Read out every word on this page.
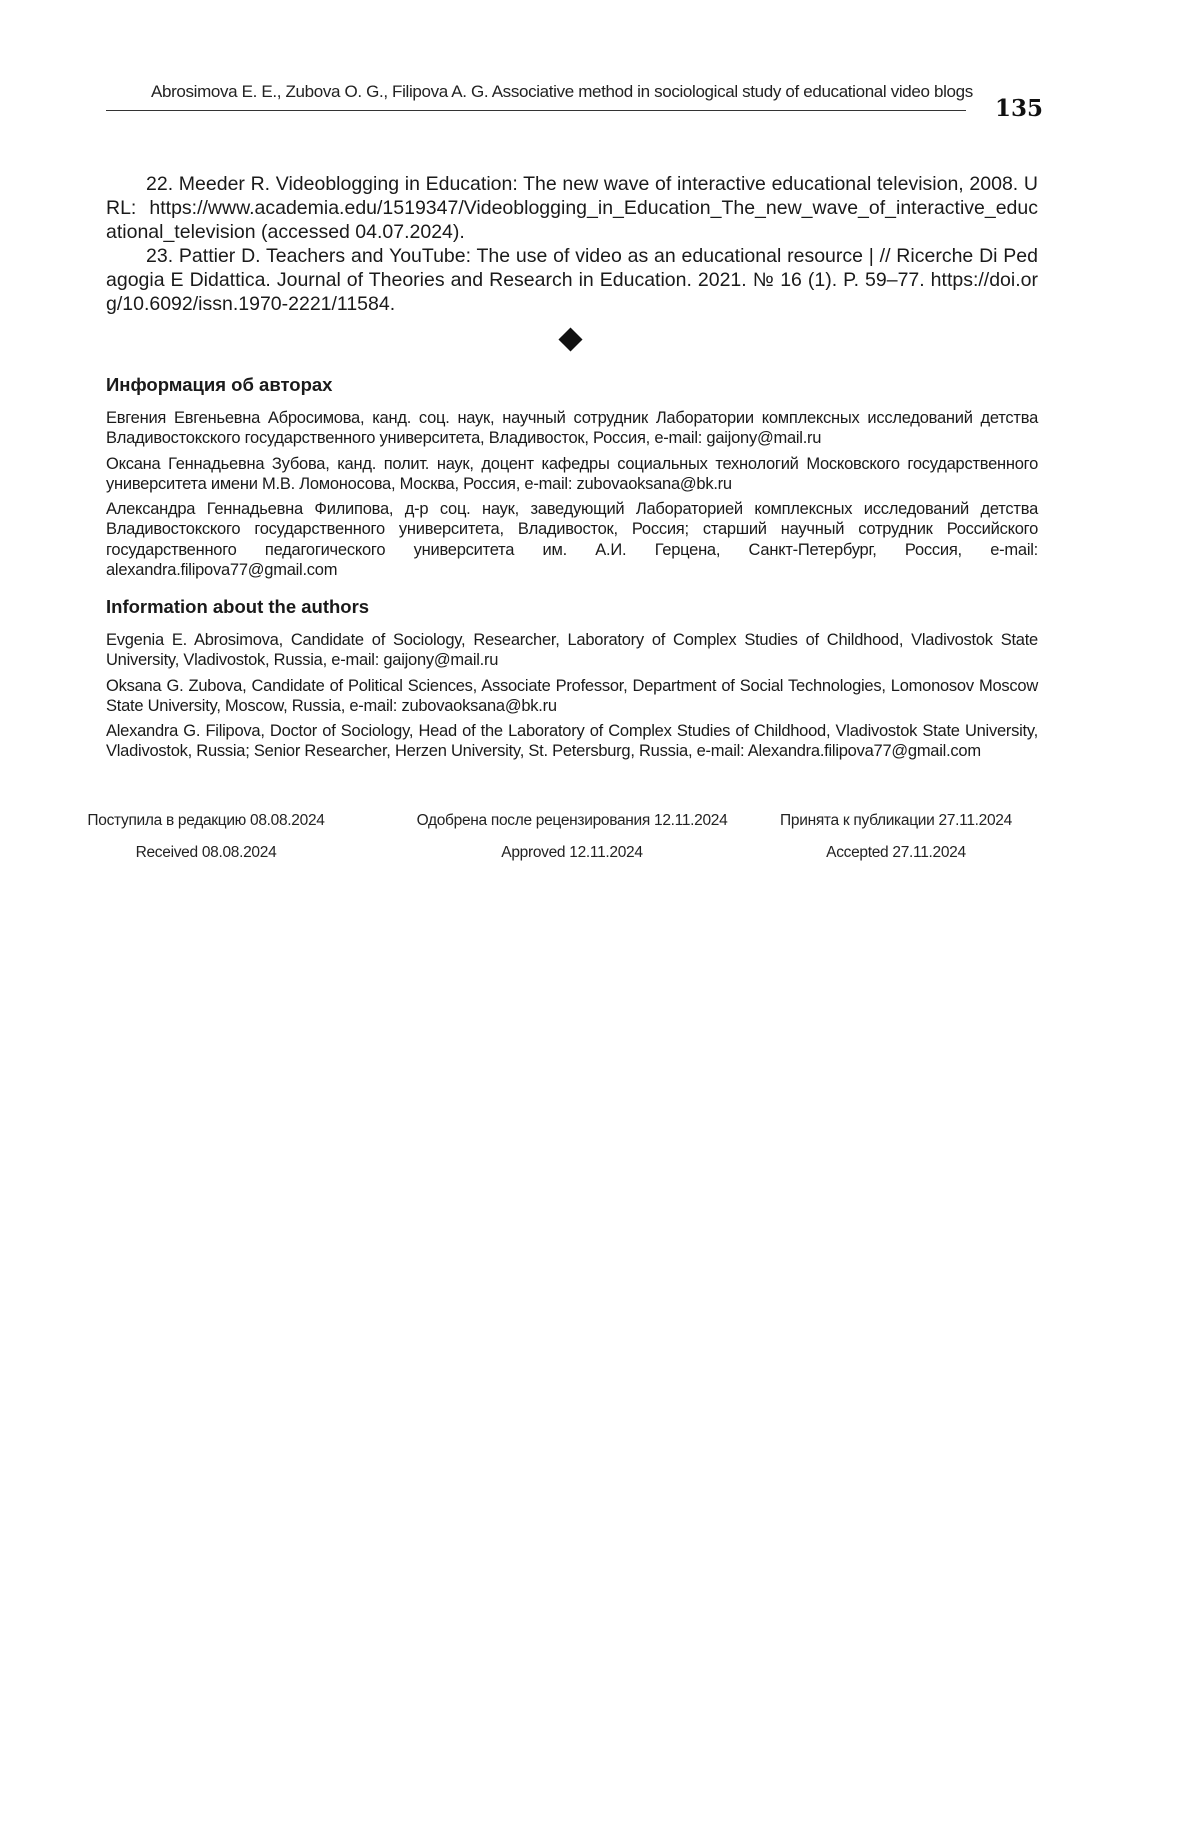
Abrosimova E. E., Zubova O. G., Filipova A. G. Associative method in sociological study of educational video blogs
135

22. Meeder R. Videoblogging in Education: The new wave of interactive educational television, 2008. URL: https://www.academia.edu/1519347/Videoblogging_in_Education_The_new_wave_of_interactive_educational_television (accessed 04.07.2024).

23. Pattier D. Teachers and YouTube: The use of video as an educational resource | // Ricerche Di Pedagogia E Didattica. Journal of Theories and Research in Education. 2021. № 16 (1). P. 59–77. https://doi.org/10.6092/issn.1970-2221/11584.

Информация об авторах

Евгения Евгеньевна Абросимова, канд. соц. наук, научный сотрудник Лаборатории комплексных исследований детства Владивостокского государственного университета, Владивосток, Россия, e-mail: gaijony@mail.ru

Оксана Геннадьевна Зубова, канд. полит. наук, доцент кафедры социальных технологий Московского государственного университета имени М.В. Ломоносова, Москва, Россия, e-mail: zubovaoksana@bk.ru

Александра Геннадьевна Филипова, д-р соц. наук, заведующий Лабораторией комплексных исследований детства Владивостокского государственного университета, Владивосток, Россия; старший научный сотрудник Российского государственного педагогического университета им. А.И. Герцена, Санкт-Петербург, Россия, e-mail: alexandra.filipova77@gmail.com

Information about the authors

Evgenia E. Abrosimova, Candidate of Sociology, Researcher, Laboratory of Complex Studies of Childhood, Vladivostok State University, Vladivostok, Russia, e-mail: gaijony@mail.ru

Oksana G. Zubova, Candidate of Political Sciences, Associate Professor, Department of Social Technologies, Lomonosov Moscow State University, Moscow, Russia, e-mail: zubovaoksana@bk.ru

Alexandra G. Filipova, Doctor of Sociology, Head of the Laboratory of Complex Studies of Childhood, Vladivostok State University, Vladivostok, Russia; Senior Researcher, Herzen University, St. Petersburg, Russia, e-mail: Alexandra.filipova77@gmail.com

Поступила в редакцию 08.08.2024	Одобрена после рецензирования 12.11.2024	Принята к публикации 27.11.2024
Received 08.08.2024	Approved 12.11.2024	Accepted 27.11.2024
